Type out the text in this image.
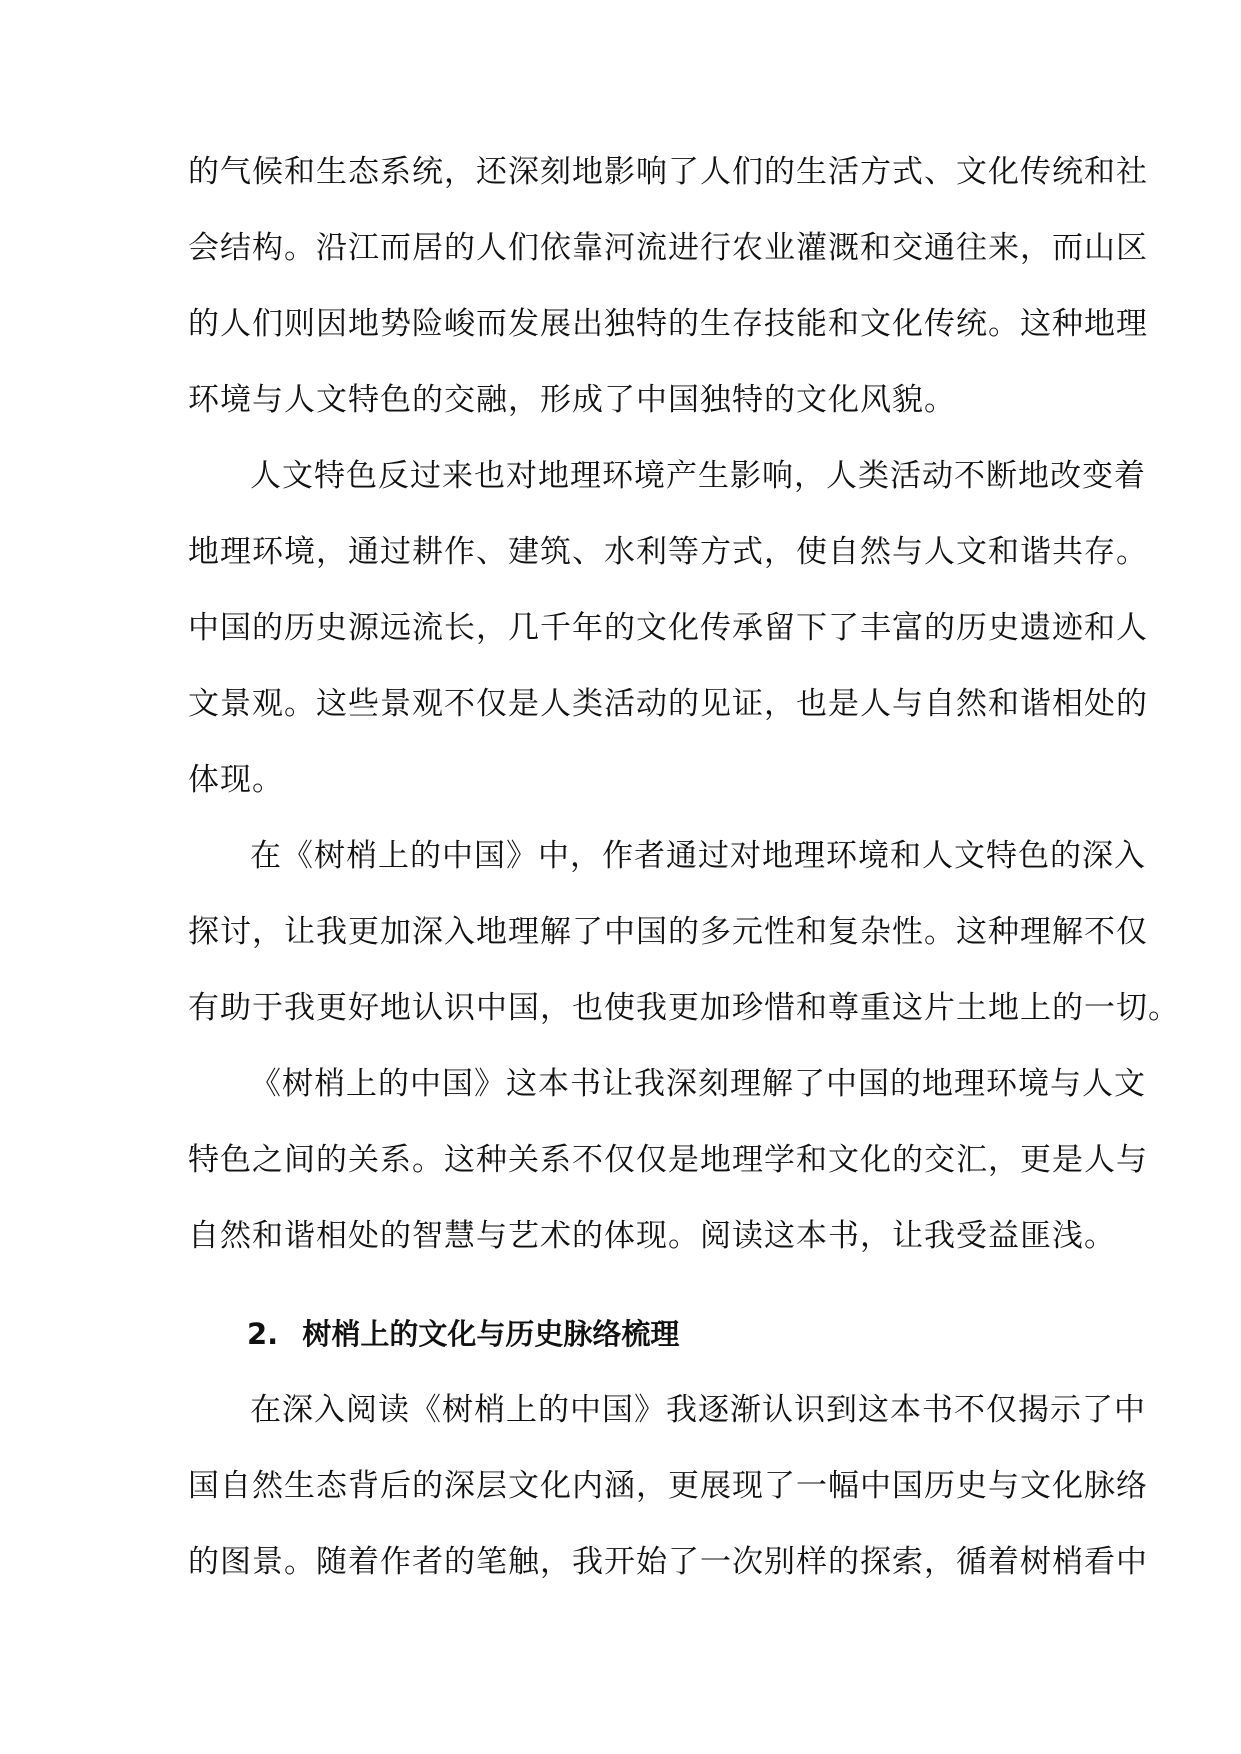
的气候和生态系统，还深刻地影响了人们的生活方式、文化传统和社
会结构。沿江而居的人们依靠河流进行农业灌溉和交通往来，而山区
的人们则因地势险峻而发展出独特的生存技能和文化传统。这种地理
环境与人文特色的交融，形成了中国独特的文化风貌。
人文特色反过来也对地理环境产生影响，人类活动不断地改变着
地理环境，通过耕作、建筑、水利等方式，使自然与人文和谐共存。
中国的历史源远流长，几千年的文化传承留下了丰富的历史遗迹和人
文景观。这些景观不仅是人类活动的见证，也是人与自然和谐相处的
体现。
在《树梢上的中国》中，作者通过对地理环境和人文特色的深入
探讨，让我更加深入地理解了中国的多元性和复杂性。这种理解不仅
有助于我更好地认识中国，也使我更加珍惜和尊重这片土地上的一切。
《树梢上的中国》这本书让我深刻理解了中国的地理环境与人文
特色之间的关系。这种关系不仅仅是地理学和文化的交汇，更是人与
自然和谐相处的智慧与艺术的体现。阅读这本书，让我受益匪浅。
2. 树梢上的文化与历史脉络梳理
在深入阅读《树梢上的中国》我逐渐认识到这本书不仅揭示了中
国自然生态背后的深层文化内涵，更展现了一幅中国历史与文化脉络
的图景。随着作者的笔触，我开始了一次别样的探索，循着树梢看中
